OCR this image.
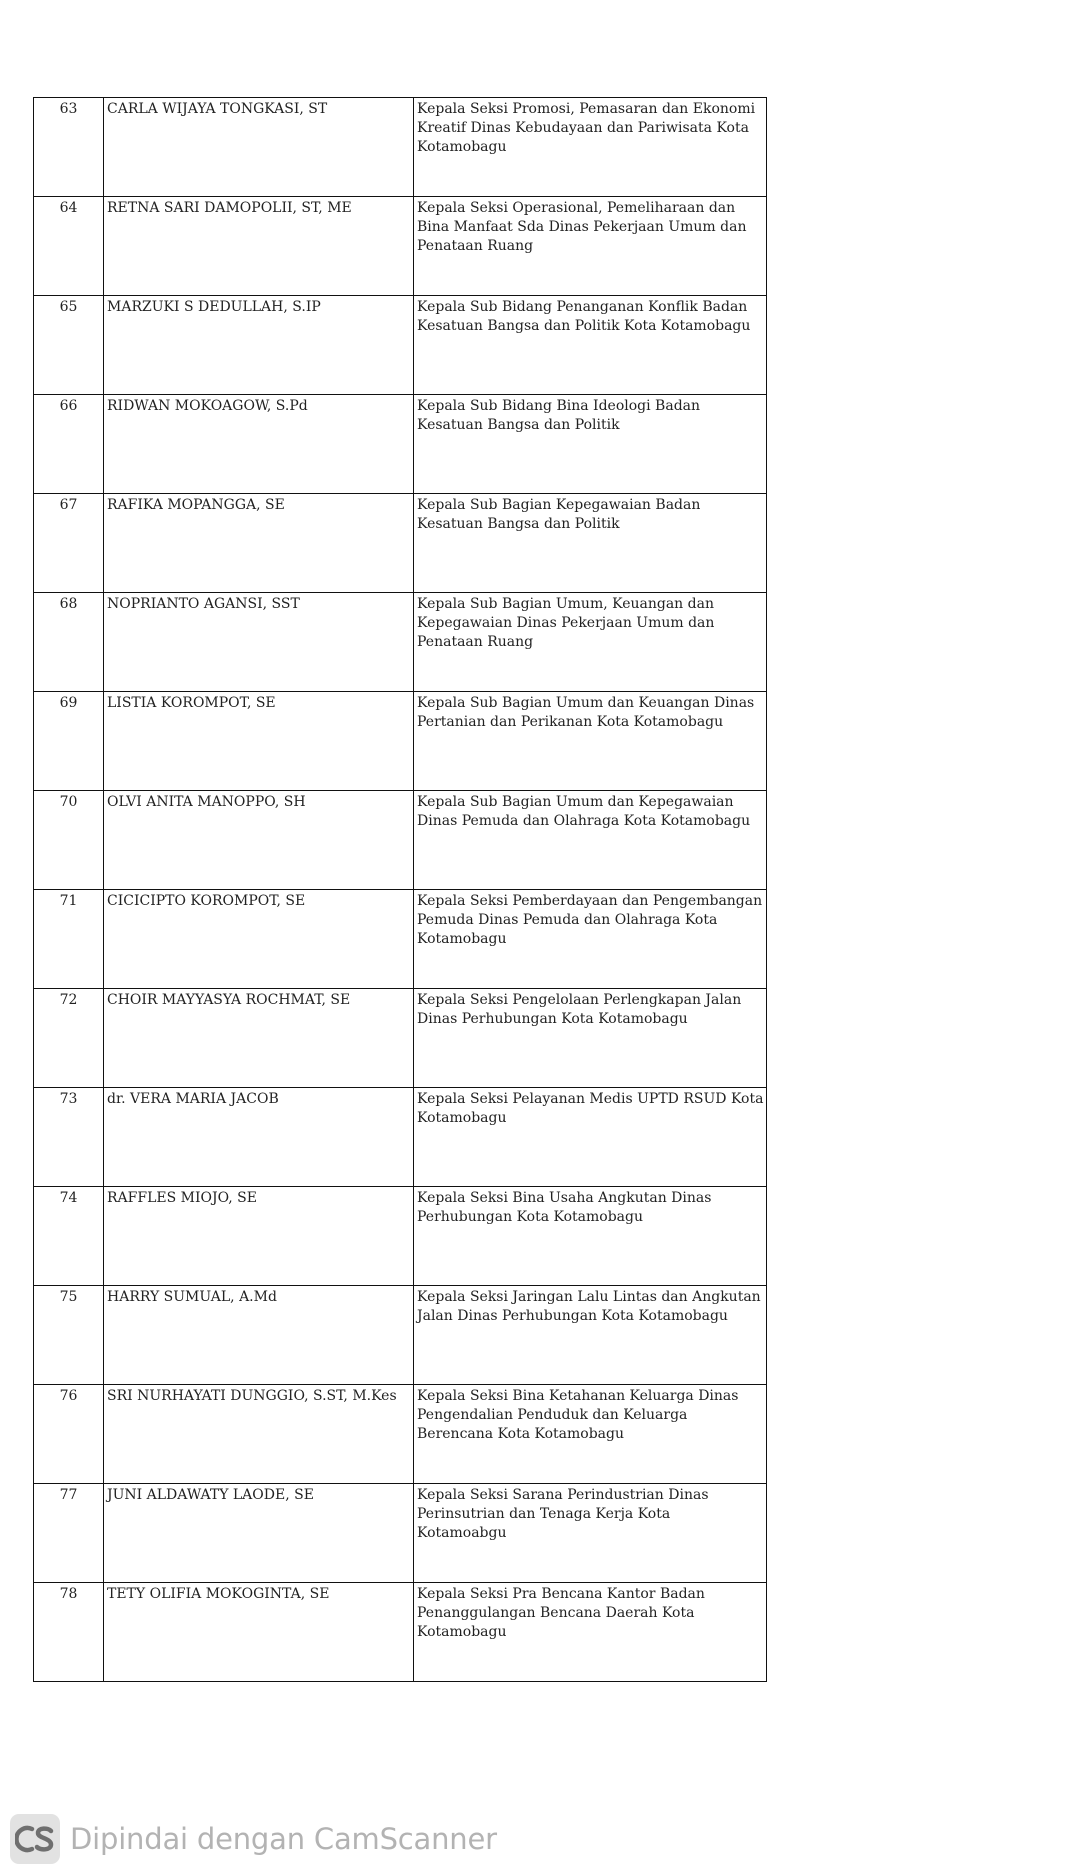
63	CARLA WIJAYA TONGKASI, ST	Kepala Seksi Promosi, Pemasaran dan Ekonomi Kreatif Dinas Kebudayaan dan Pariwisata Kota Kotamobagu
64	RETNA SARI DAMOPOLII, ST, ME	Kepala Seksi Operasional, Pemeliharaan dan Bina Manfaat Sda Dinas Pekerjaan Umum dan Penataan Ruang
65	MARZUKI S DEDULLAH, S.IP	Kepala Sub Bidang Penanganan Konflik Badan Kesatuan Bangsa dan Politik Kota Kotamobagu
66	RIDWAN MOKOAGOW, S.Pd	Kepala Sub Bidang Bina Ideologi Badan Kesatuan Bangsa dan Politik
67	RAFIKA MOPANGGA, SE	Kepala Sub Bagian Kepegawaian Badan Kesatuan Bangsa dan Politik
68	NOPRIANTO AGANSI, SST	Kepala Sub Bagian Umum, Keuangan dan Kepegawaian Dinas Pekerjaan Umum dan Penataan Ruang
69	LISTIA KOROMPOT, SE	Kepala Sub Bagian Umum dan Keuangan Dinas Pertanian dan Perikanan Kota Kotamobagu
70	OLVI ANITA MANOPPO, SH	Kepala Sub Bagian Umum dan Kepegawaian Dinas Pemuda dan Olahraga Kota Kotamobagu
71	CICICIPTO KOROMPOT, SE	Kepala Seksi Pemberdayaan dan Pengembangan Pemuda Dinas Pemuda dan Olahraga Kota Kotamobagu
72	CHOIR MAYYASYA ROCHMAT, SE	Kepala Seksi Pengelolaan Perlengkapan Jalan Dinas Perhubungan Kota Kotamobagu
73	dr. VERA MARIA JACOB	Kepala Seksi Pelayanan Medis UPTD RSUD Kota Kotamobagu
74	RAFFLES MIOJO, SE	Kepala Seksi Bina Usaha Angkutan Dinas Perhubungan Kota Kotamobagu
75	HARRY SUMUAL, A.Md	Kepala Seksi Jaringan Lalu Lintas dan Angkutan Jalan Dinas Perhubungan Kota Kotamobagu
76	SRI NURHAYATI DUNGGIO, S.ST, M.Kes	Kepala Seksi Bina Ketahanan Keluarga Dinas Pengendalian Penduduk dan Keluarga Berencana Kota Kotamobagu
77	JUNI ALDAWATY LAODE, SE	Kepala Seksi Sarana Perindustrian Dinas Perinsutrian dan Tenaga Kerja Kota Kotamoabgu
78	TETY OLIFIA MOKOGINTA, SE	Kepala Seksi Pra Bencana Kantor Badan Penanggulangan Bencana Daerah Kota Kotamobagu
Dipindai dengan CamScanner
